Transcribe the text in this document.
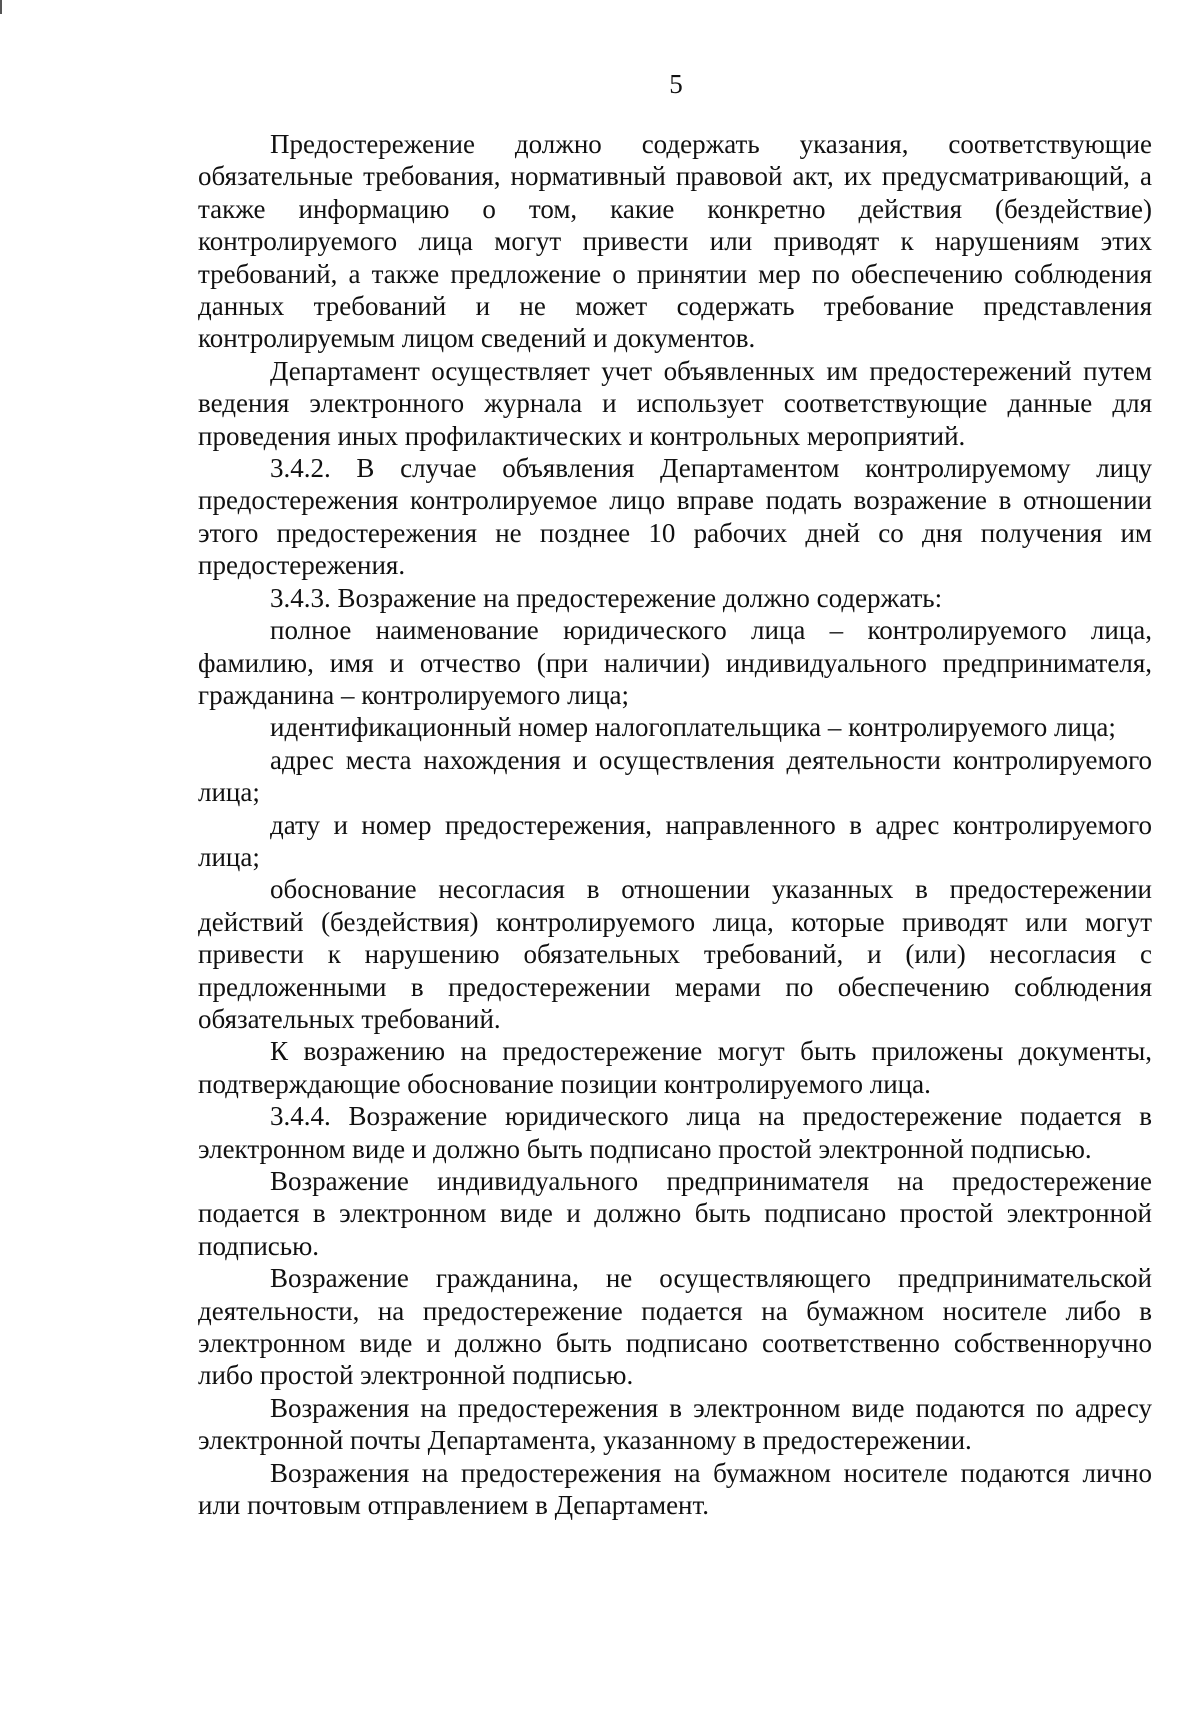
5

Предостережение должно содержать указания, соответствующие обязательные требования, нормативный правовой акт, их предусматривающий, а также информацию о том, какие конкретно действия (бездействие) контролируемого лица могут привести или приводят к нарушениям этих требований, а также предложение о принятии мер по обеспечению соблюдения данных требований и не может содержать требование представления контролируемым лицом сведений и документов.

Департамент осуществляет учет объявленных им предостережений путем ведения электронного журнала и использует соответствующие данные для проведения иных профилактических и контрольных мероприятий.

3.4.2. В случае объявления Департаментом контролируемому лицу предостережения контролируемое лицо вправе подать возражение в отношении этого предостережения не позднее 10 рабочих дней со дня получения им предостережения.

3.4.3. Возражение на предостережение должно содержать:

полное наименование юридического лица – контролируемого лица, фамилию, имя и отчество (при наличии) индивидуального предпринимателя, гражданина – контролируемого лица;

идентификационный номер налогоплательщика – контролируемого лица;

адрес места нахождения и осуществления деятельности контролируемого лица;

дату и номер предостережения, направленного в адрес контролируемого лица;

обоснование несогласия в отношении указанных в предостережении действий (бездействия) контролируемого лица, которые приводят или могут привести к нарушению обязательных требований, и (или) несогласия с предложенными в предостережении мерами по обеспечению соблюдения обязательных требований.

К возражению на предостережение могут быть приложены документы, подтверждающие обоснование позиции контролируемого лица.

3.4.4. Возражение юридического лица на предостережение подается в электронном виде и должно быть подписано простой электронной подписью.

Возражение индивидуального предпринимателя на предостережение подается в электронном виде и должно быть подписано простой электронной подписью.

Возражение гражданина, не осуществляющего предпринимательской деятельности, на предостережение подается на бумажном носителе либо в электронном виде и должно быть подписано соответственно собственноручно либо простой электронной подписью.

Возражения на предостережения в электронном виде подаются по адресу электронной почты Департамента, указанному в предостережении.

Возражения на предостережения на бумажном носителе подаются лично или почтовым отправлением в Департамент.
